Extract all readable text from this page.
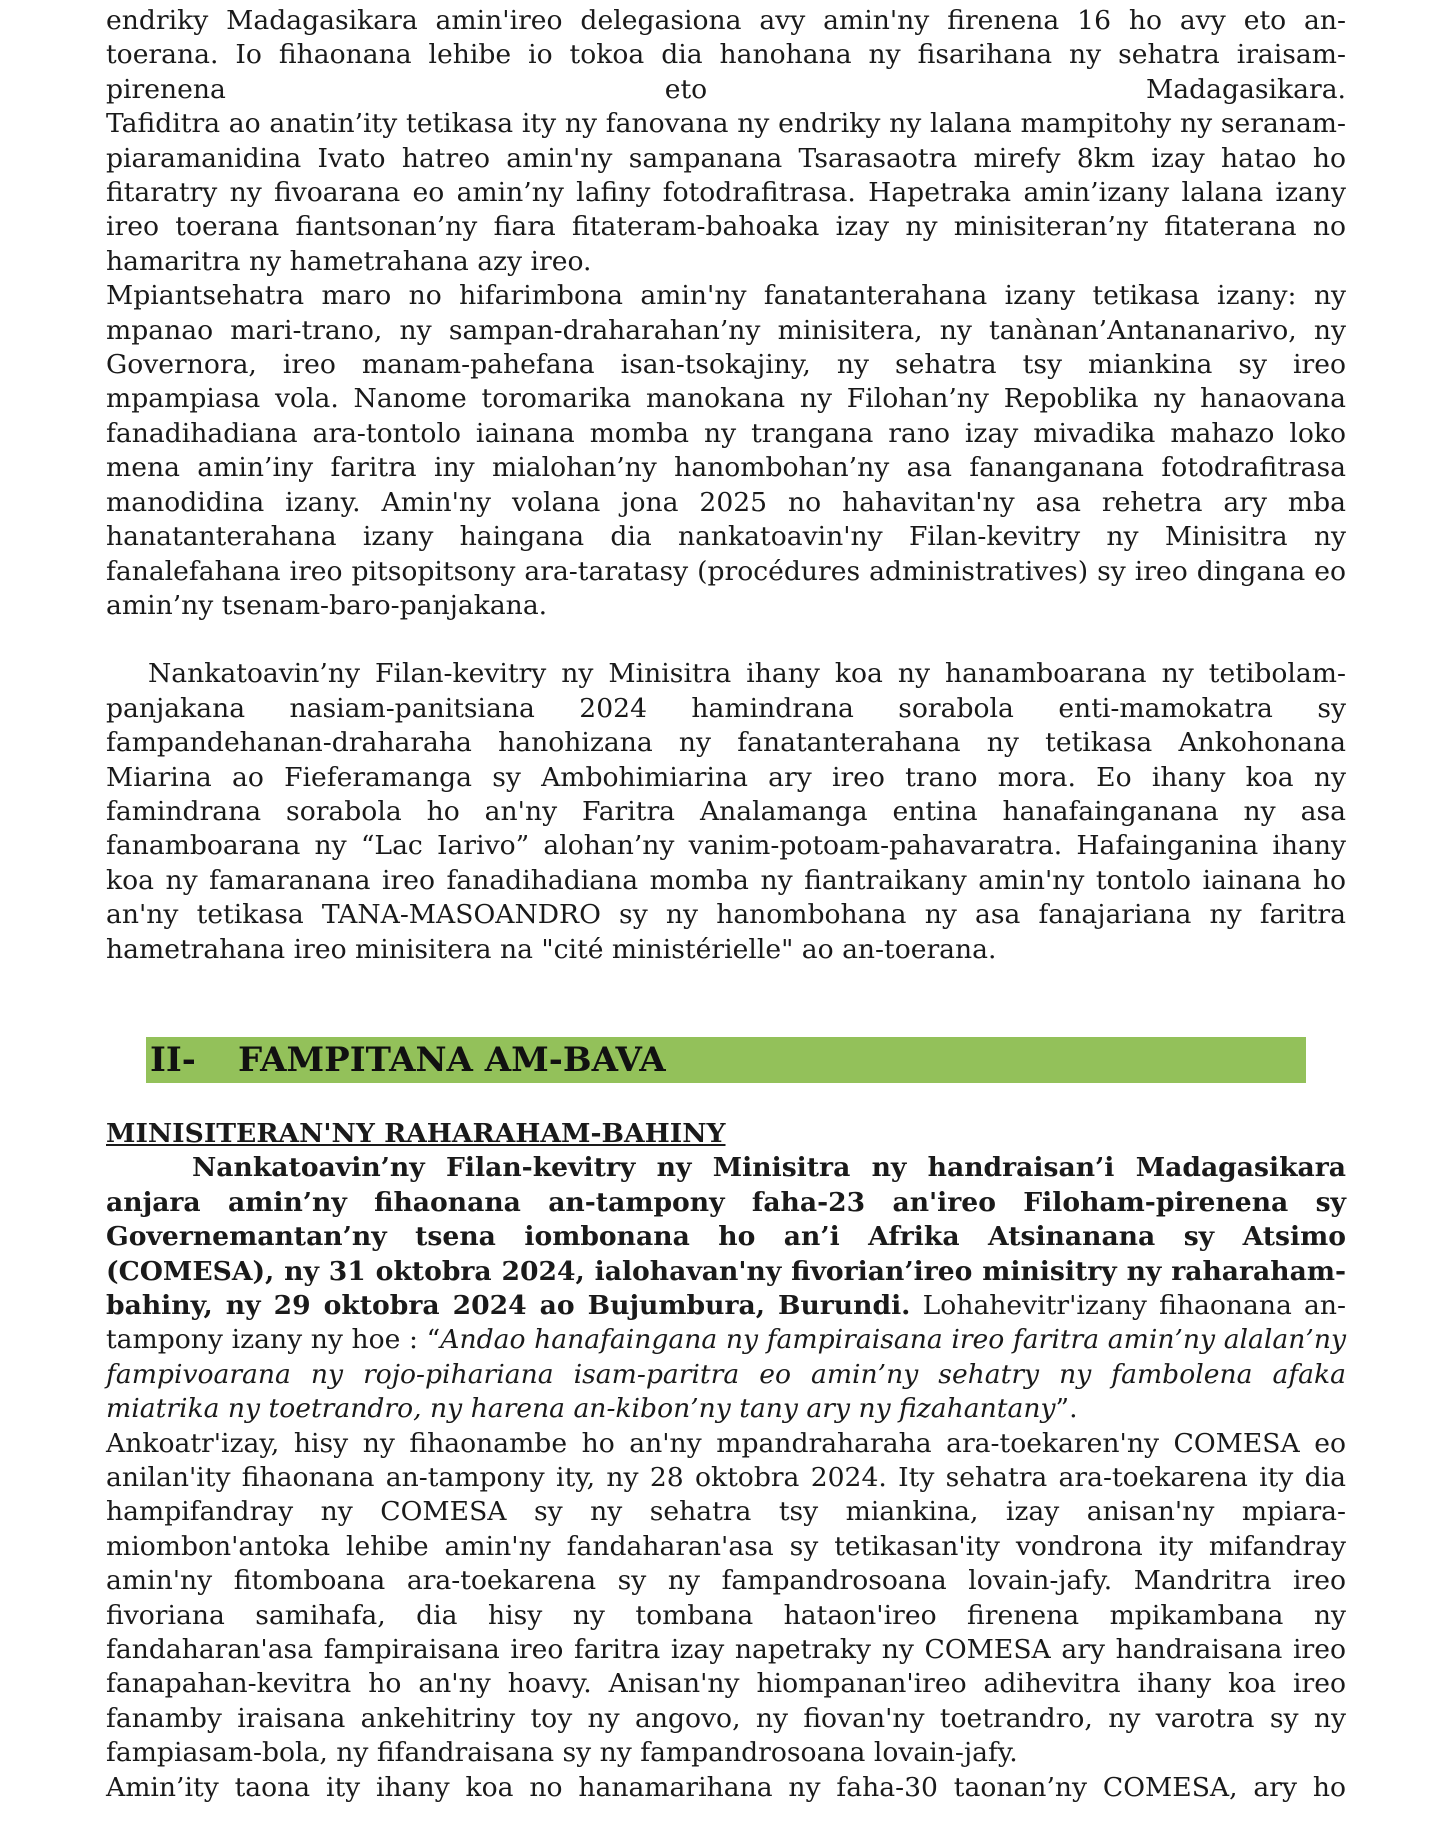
endriky Madagasikara amin'ireo delegasiona avy amin'ny firenena 16 ho avy eto an-toerana. Io fihaonana lehibe io tokoa dia hanohana ny fisarihana ny sehatra iraisam-pirenena eto Madagasikara.

Tafiditra ao anatin’ity tetikasa ity ny fanovana ny endriky ny lalana mampitohy ny seranam-piaramanidina Ivato hatreo amin'ny sampanana Tsarasaotra mirefy 8km izay hatao ho fitaratry ny fivoarana eo amin’ny lafiny fotodrafitrasa. Hapetraka amin’izany lalana izany ireo toerana fiantsonan’ny fiara fitateram-bahoaka izay ny minisiteran’ny fitaterana no hamaritra ny hametrahana azy ireo.

Mpiantsehatra maro no hifarimbona amin'ny fanatanterahana izany tetikasa izany: ny mpanao mari-trano, ny sampan-draharahan’ny minisitera, ny tanànan’Antananarivo, ny Governora, ireo manam-pahefana isan-tsokajiny, ny sehatra tsy miankina sy ireo mpampiasa vola. Nanome toromarika manokana ny Filohan’ny Repoblika ny hanaovana fanadihadiana ara-tontolo iainana momba ny trangana rano izay mivadika mahazo loko mena amin’iny faritra iny mialohan’ny hanombohan’ny asa fananganana fotodrafitrasa manodidina izany. Amin'ny volana jona 2025 no hahavitan'ny asa rehetra ary mba hanatanterahana izany haingana dia nankatoavin'ny Filan-kevitry ny Minisitra ny fanalefahana ireo pitsopitsony ara-taratasy (procédures administratives) sy ireo dingana eo amin’ny tsenam-baro-panjakana.

Nankatoavin’ny Filan-kevitry ny Minisitra ihany koa ny hanamboarana ny tetibolam-panjakana nasiam-panitsiana 2024 hamindrana sorabola enti-mamokatra sy fampandehanan-draharaha hanohizana ny fanatanterahana ny tetikasa Ankohonana Miarina ao Fieferamanga sy Ambohimiarina ary ireo trano mora. Eo ihany koa ny famindrana sorabola ho an'ny Faritra Analamanga entina hanafainganana ny asa fanamboarana ny “Lac Iarivo” alohan’ny vanim-potoam-pahavaratra. Hafainganina ihany koa ny famaranana ireo fanadihadiana momba ny fiantraikany amin'ny tontolo iainana ho an'ny tetikasa TANA-MASOANDRO sy ny hanombohana ny asa fanajariana ny faritra hametrahana ireo minisitera na "cité ministérielle" ao an-toerana.

II-	FAMPITANA AM-BAVA
MINISITERAN'NY RAHARAHAM-BAHINY

Nankatoavin’ny Filan-kevitry ny Minisitra ny handraisan’i Madagasikara anjara amin’ny fihaonana an-tampony faha-23 an'ireo Filoham-pirenena sy Governemantan’ny tsena iombonana ho an’i Afrika Atsinanana sy Atsimo (COMESA), ny 31 oktobra 2024, ialohavan'ny fivorian’ireo minisitry ny raharaham-bahiny, ny 29 oktobra 2024 ao Bujumbura, Burundi. Lohahevitr'izany fihaonana an-tampony izany ny hoe : “Andao hanafaingana ny fampiraisana ireo faritra amin’ny alalan’ny fampivoarana ny rojo-pihariana isam-paritra eo amin’ny sehatry ny fambolena afaka miatrika ny toetrandro, ny harena an-kibon’ny tany ary ny fizahantany”.

Ankoatr'izay, hisy ny fihaonambe ho an'ny mpandraharaha ara-toekaren'ny COMESA eo anilan'ity fihaonana an-tampony ity, ny 28 oktobra 2024. Ity sehatra ara-toekarena ity dia hampifandray ny COMESA sy ny sehatra tsy miankina, izay anisan'ny mpiara-miombon'antoka lehibe amin'ny fandaharan'asa sy tetikasan'ity vondrona ity mifandray amin'ny fitomboana ara-toekarena sy ny fampandrosoana lovain-jafy. Mandritra ireo fivoriana samihafa, dia hisy ny tombana hataon'ireo firenena mpikambana ny fandaharan'asa fampiraisana ireo faritra izay napetraky ny COMESA ary handraisana ireo fanapahan-kevitra ho an'ny hoavy. Anisan'ny hiompanan'ireo adihevitra ihany koa ireo fanamby iraisana ankehitriny toy ny angovo, ny fiovan'ny toetrandro, ny varotra sy ny fampiasam-bola, ny fifandraisana sy ny fampandrosoana lovain-jafy.

Amin’ity taona ity ihany koa no hanamarihana ny faha-30 taonan’ny COMESA, ary ho
